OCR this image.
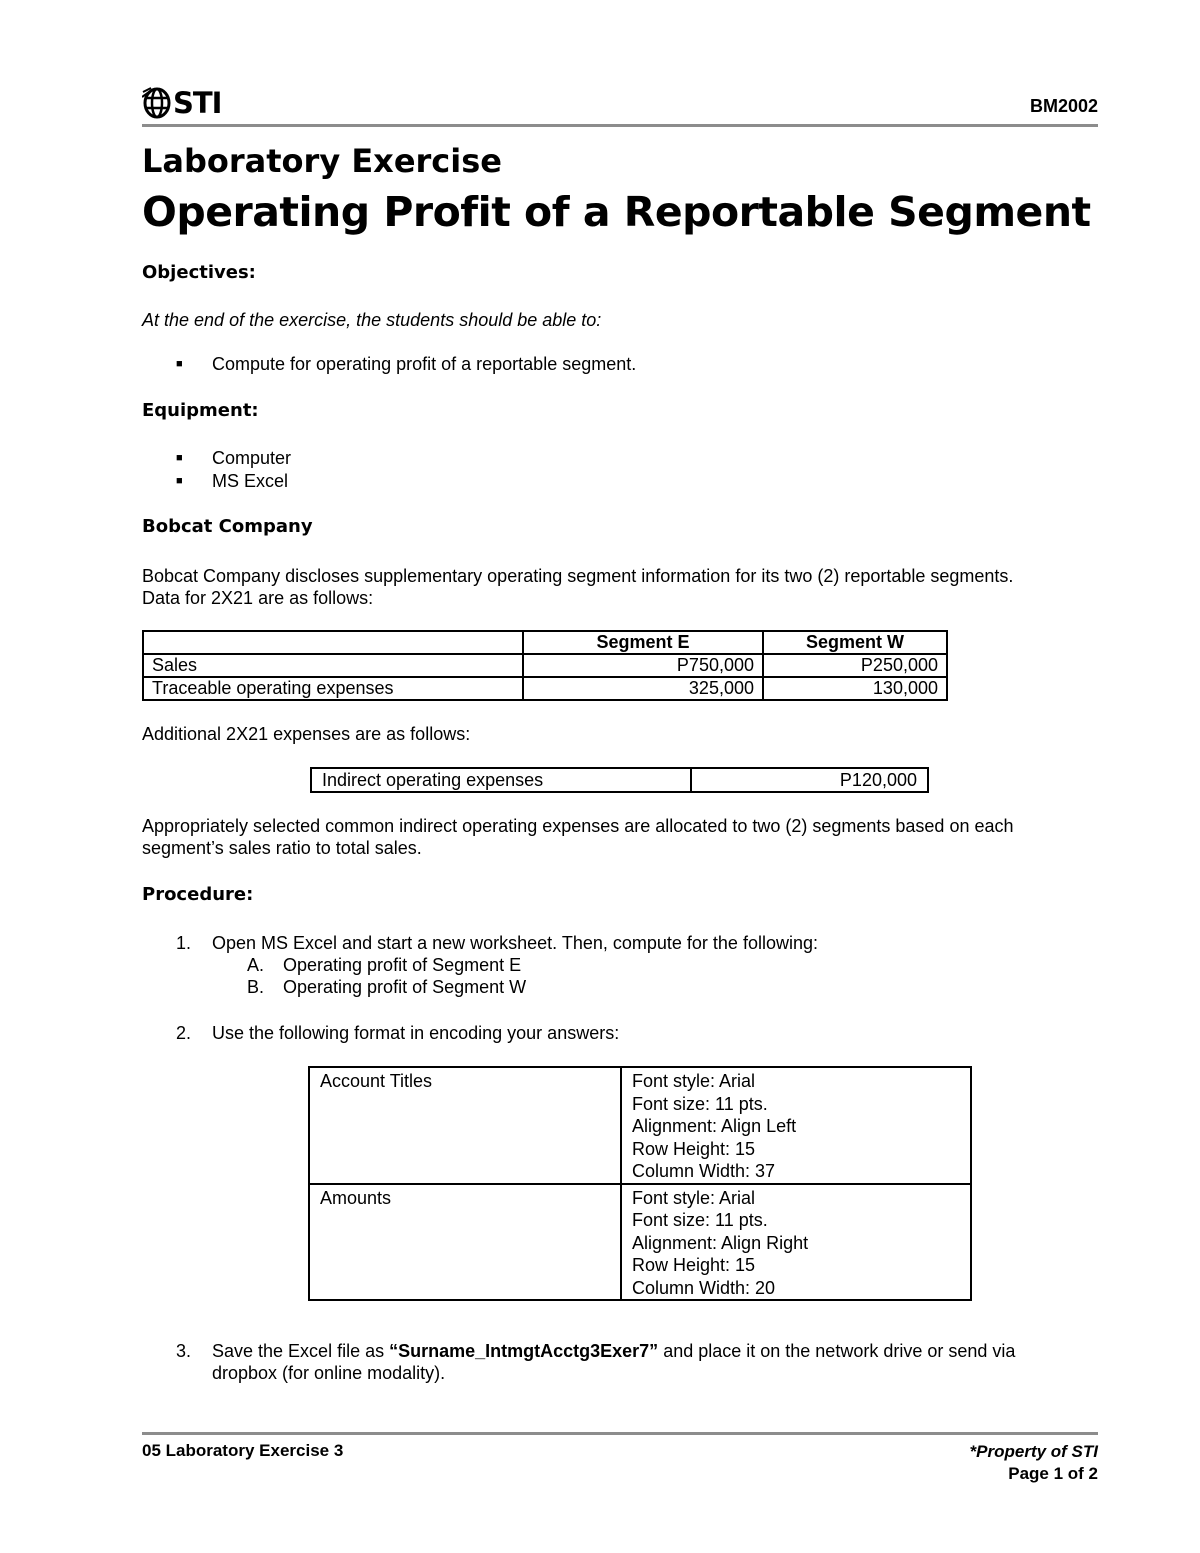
STI	BM2002
Laboratory Exercise
Operating Profit of a Reportable Segment
Objectives:
At the end of the exercise, the students should be able to:
■	Compute for operating profit of a reportable segment.
Equipment:
■	Computer
■	MS Excel
Bobcat Company
Bobcat Company discloses supplementary operating segment information for its two (2) reportable segments.
Data for 2X21 are as follows:
	Segment E	Segment W
Sales	P750,000	P250,000
Traceable operating expenses	325,000	130,000
Additional 2X21 expenses are as follows:
Indirect operating expenses	P120,000
Appropriately selected common indirect operating expenses are allocated to two (2) segments based on each
segment’s sales ratio to total sales.
Procedure:
1.	Open MS Excel and start a new worksheet. Then, compute for the following:
A.	Operating profit of Segment E
B.	Operating profit of Segment W
2.	Use the following format in encoding your answers:
Account Titles	Font style: Arial
Font size: 11 pts.
Alignment: Align Left
Row Height: 15
Column Width: 37

Amounts	Font style: Arial
Font size: 11 pts.
Alignment: Align Right
Row Height: 15
Column Width: 20
3.	Save the Excel file as “Surname_IntmgtAcctg3Exer7” and place it on the network drive or send via
dropbox (for online modality).
05 Laboratory Exercise 3	*Property of STI
Page 1 of 2
